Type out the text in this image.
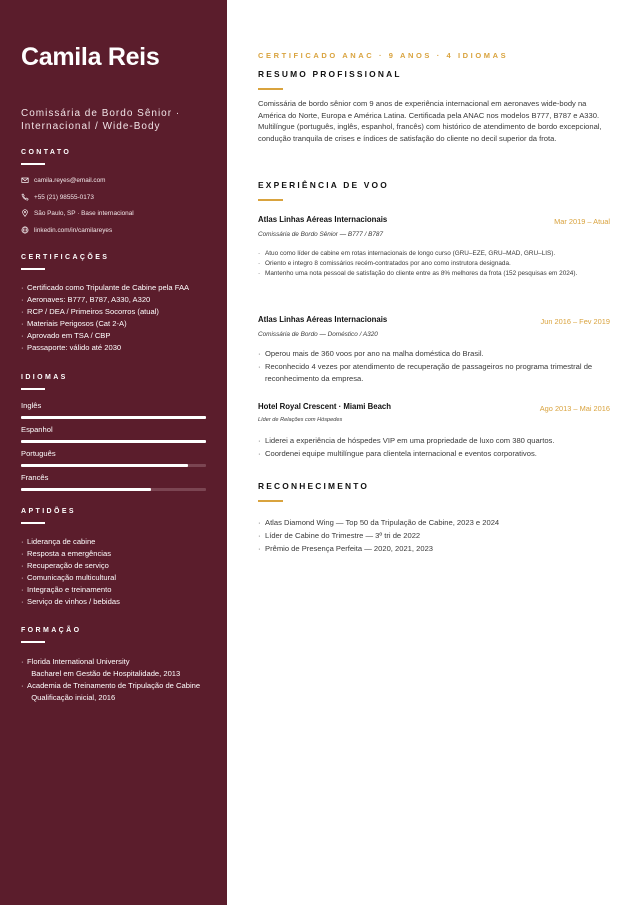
Camila Reis
Comissária de Bordo Sênior · Internacional / Wide-Body
CONTATO
camila.reyes@email.com
+55 (21) 98555-0173
São Paulo, SP · Base internacional
linkedin.com/in/camilareyes
CERTIFICAÇÕES
· Certificado como Tripulante de Cabine pela FAA
· Aeronaves: B777, B787, A330, A320
· RCP / DEA / Primeiros Socorros (atual)
· Materiais Perigosos (Cat 2-A)
· Aprovado em TSA / CBP
· Passaporte: válido até 2030
IDIOMAS
Inglês
Espanhol
Português
Francês
APTIDÕES
· Liderança de cabine
· Resposta a emergências
· Recuperação de serviço
· Comunicação multicultural
· Integração e treinamento
· Serviço de vinhos / bebidas
FORMAÇÃO
· Florida International University
Bacharel em Gestão de Hospitalidade, 2013
· Academia de Treinamento de Tripulação de Cabine
Qualificação inicial, 2016
CERTIFICADO ANAC · 9 ANOS · 4 IDIOMAS
RESUMO PROFISSIONAL
Comissária de bordo sênior com 9 anos de experiência internacional em aeronaves wide-body na América do Norte, Europa e América Latina. Certificada pela ANAC nos modelos B777, B787 e A330. Multilíngue (português, inglês, espanhol, francês) com histórico de atendimento de bordo excepcional, condução tranquila de crises e índices de satisfação do cliente no decil superior da frota.
EXPERIÊNCIA DE VOO
Atlas Linhas Aéreas Internacionais	Mar 2019 – Atual
Comissária de Bordo Sênior — B777 / B787
· Atuo como líder de cabine em rotas internacionais de longo curso (GRU–EZE, GRU–MAD, GRU–LIS).
· Oriento e integro 8 comissários recém-contratados por ano como instrutora designada.
· Mantenho uma nota pessoal de satisfação do cliente entre as 8% melhores da frota (152 pesquisas em 2024).
Atlas Linhas Aéreas Internacionais	Jun 2016 – Fev 2019
Comissária de Bordo — Doméstico / A320
· Operou mais de 360 voos por ano na malha doméstica do Brasil.
· Reconhecido 4 vezes por atendimento de recuperação de passageiros no programa trimestral de reconhecimento da empresa.
Hotel Royal Crescent · Miami Beach	Ago 2013 – Mai 2016
Líder de Relações com Hóspedes
· Liderei a experiência de hóspedes VIP em uma propriedade de luxo com 380 quartos.
· Coordenei equipe multilíngue para clientela internacional e eventos corporativos.
RECONHECIMENTO
· Atlas Diamond Wing — Top 50 da Tripulação de Cabine, 2023 e 2024
· Líder de Cabine do Trimestre — 3º tri de 2022
· Prêmio de Presença Perfeita — 2020, 2021, 2023
